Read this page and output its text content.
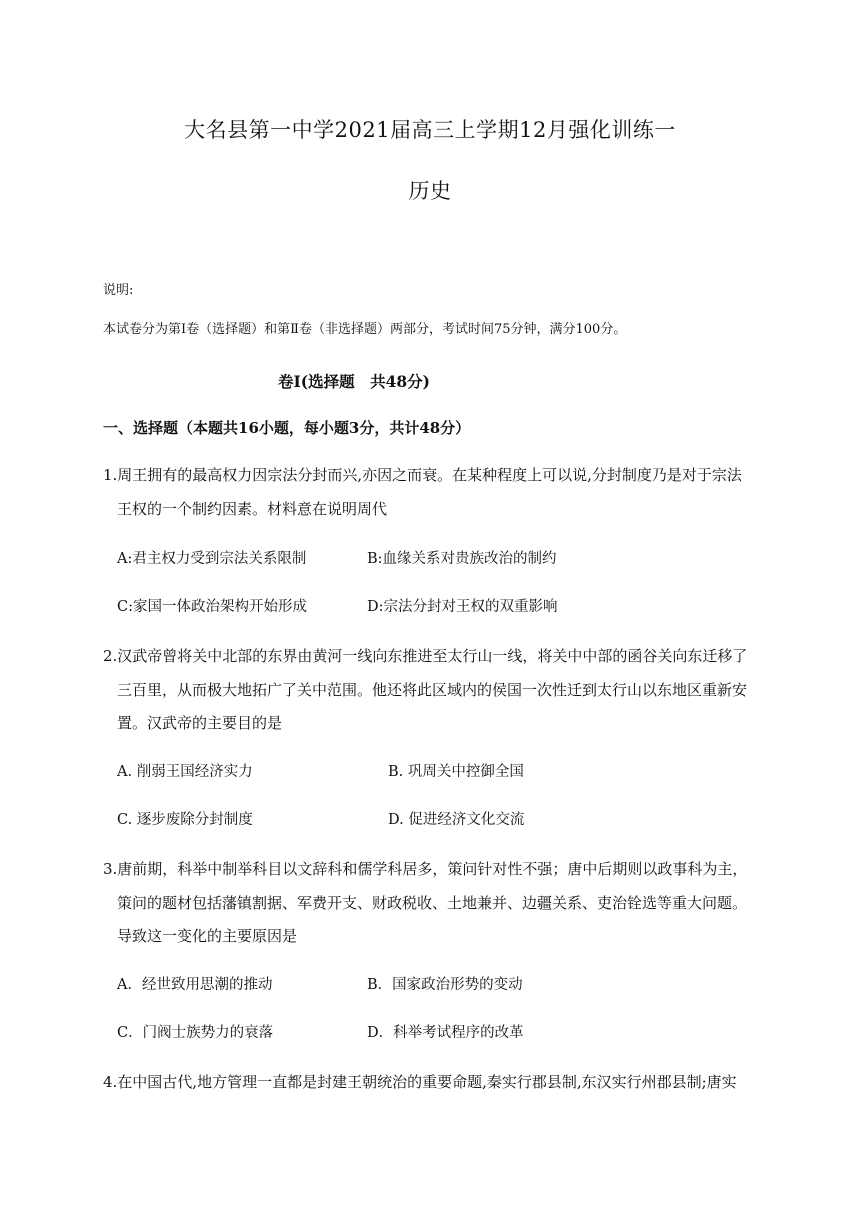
大名县第一中学2021届高三上学期12月强化训练一
历史
说明:
本试卷分为第Ⅰ卷（选择题）和第Ⅱ卷（非选择题）两部分，考试时间75分钟，满分100分。
卷Ⅰ(选择题　共48分)
一、选择题（本题共16小题，每小题3分，共计48分）
1.周王拥有的最高权力因宗法分封而兴,亦因之而衰。在某种程度上可以说,分封制度乃是对于宗法
王权的一个制约因素。材料意在说明周代
A:君主权力受到宗法关系限制	B:血缘关系对贵族改治的制约
C:家国一体政治架构开始形成	D:宗法分封对王权的双重影响
2.汉武帝曾将关中北部的东界由黄河一线向东推进至太行山一线，将关中中部的函谷关向东迁移了
三百里，从而极大地拓广了关中范围。他还将此区域内的侯国一次性迁到太行山以东地区重新安
置。汉武帝的主要目的是
A. 削弱王国经济实力	B. 巩周关中控御全国
C. 逐步废除分封制度	D. 促进经济文化交流
3.唐前期，科举中制举科目以文辞科和儒学科居多，策问针对性不强；唐中后期则以政事科为主，
策问的题材包括藩镇割据、军费开支、财政税收、土地兼并、边疆关系、吏治铨选等重大问题。
导致这一变化的主要原因是
A．经世致用思潮的推动	B．国家政治形势的变动
C．门阀士族势力的衰落	D．科举考试程序的改革
4.在中国古代,地方管理一直都是封建王朝统治的重要命题,秦实行郡县制,东汉实行州郡县制;唐实
